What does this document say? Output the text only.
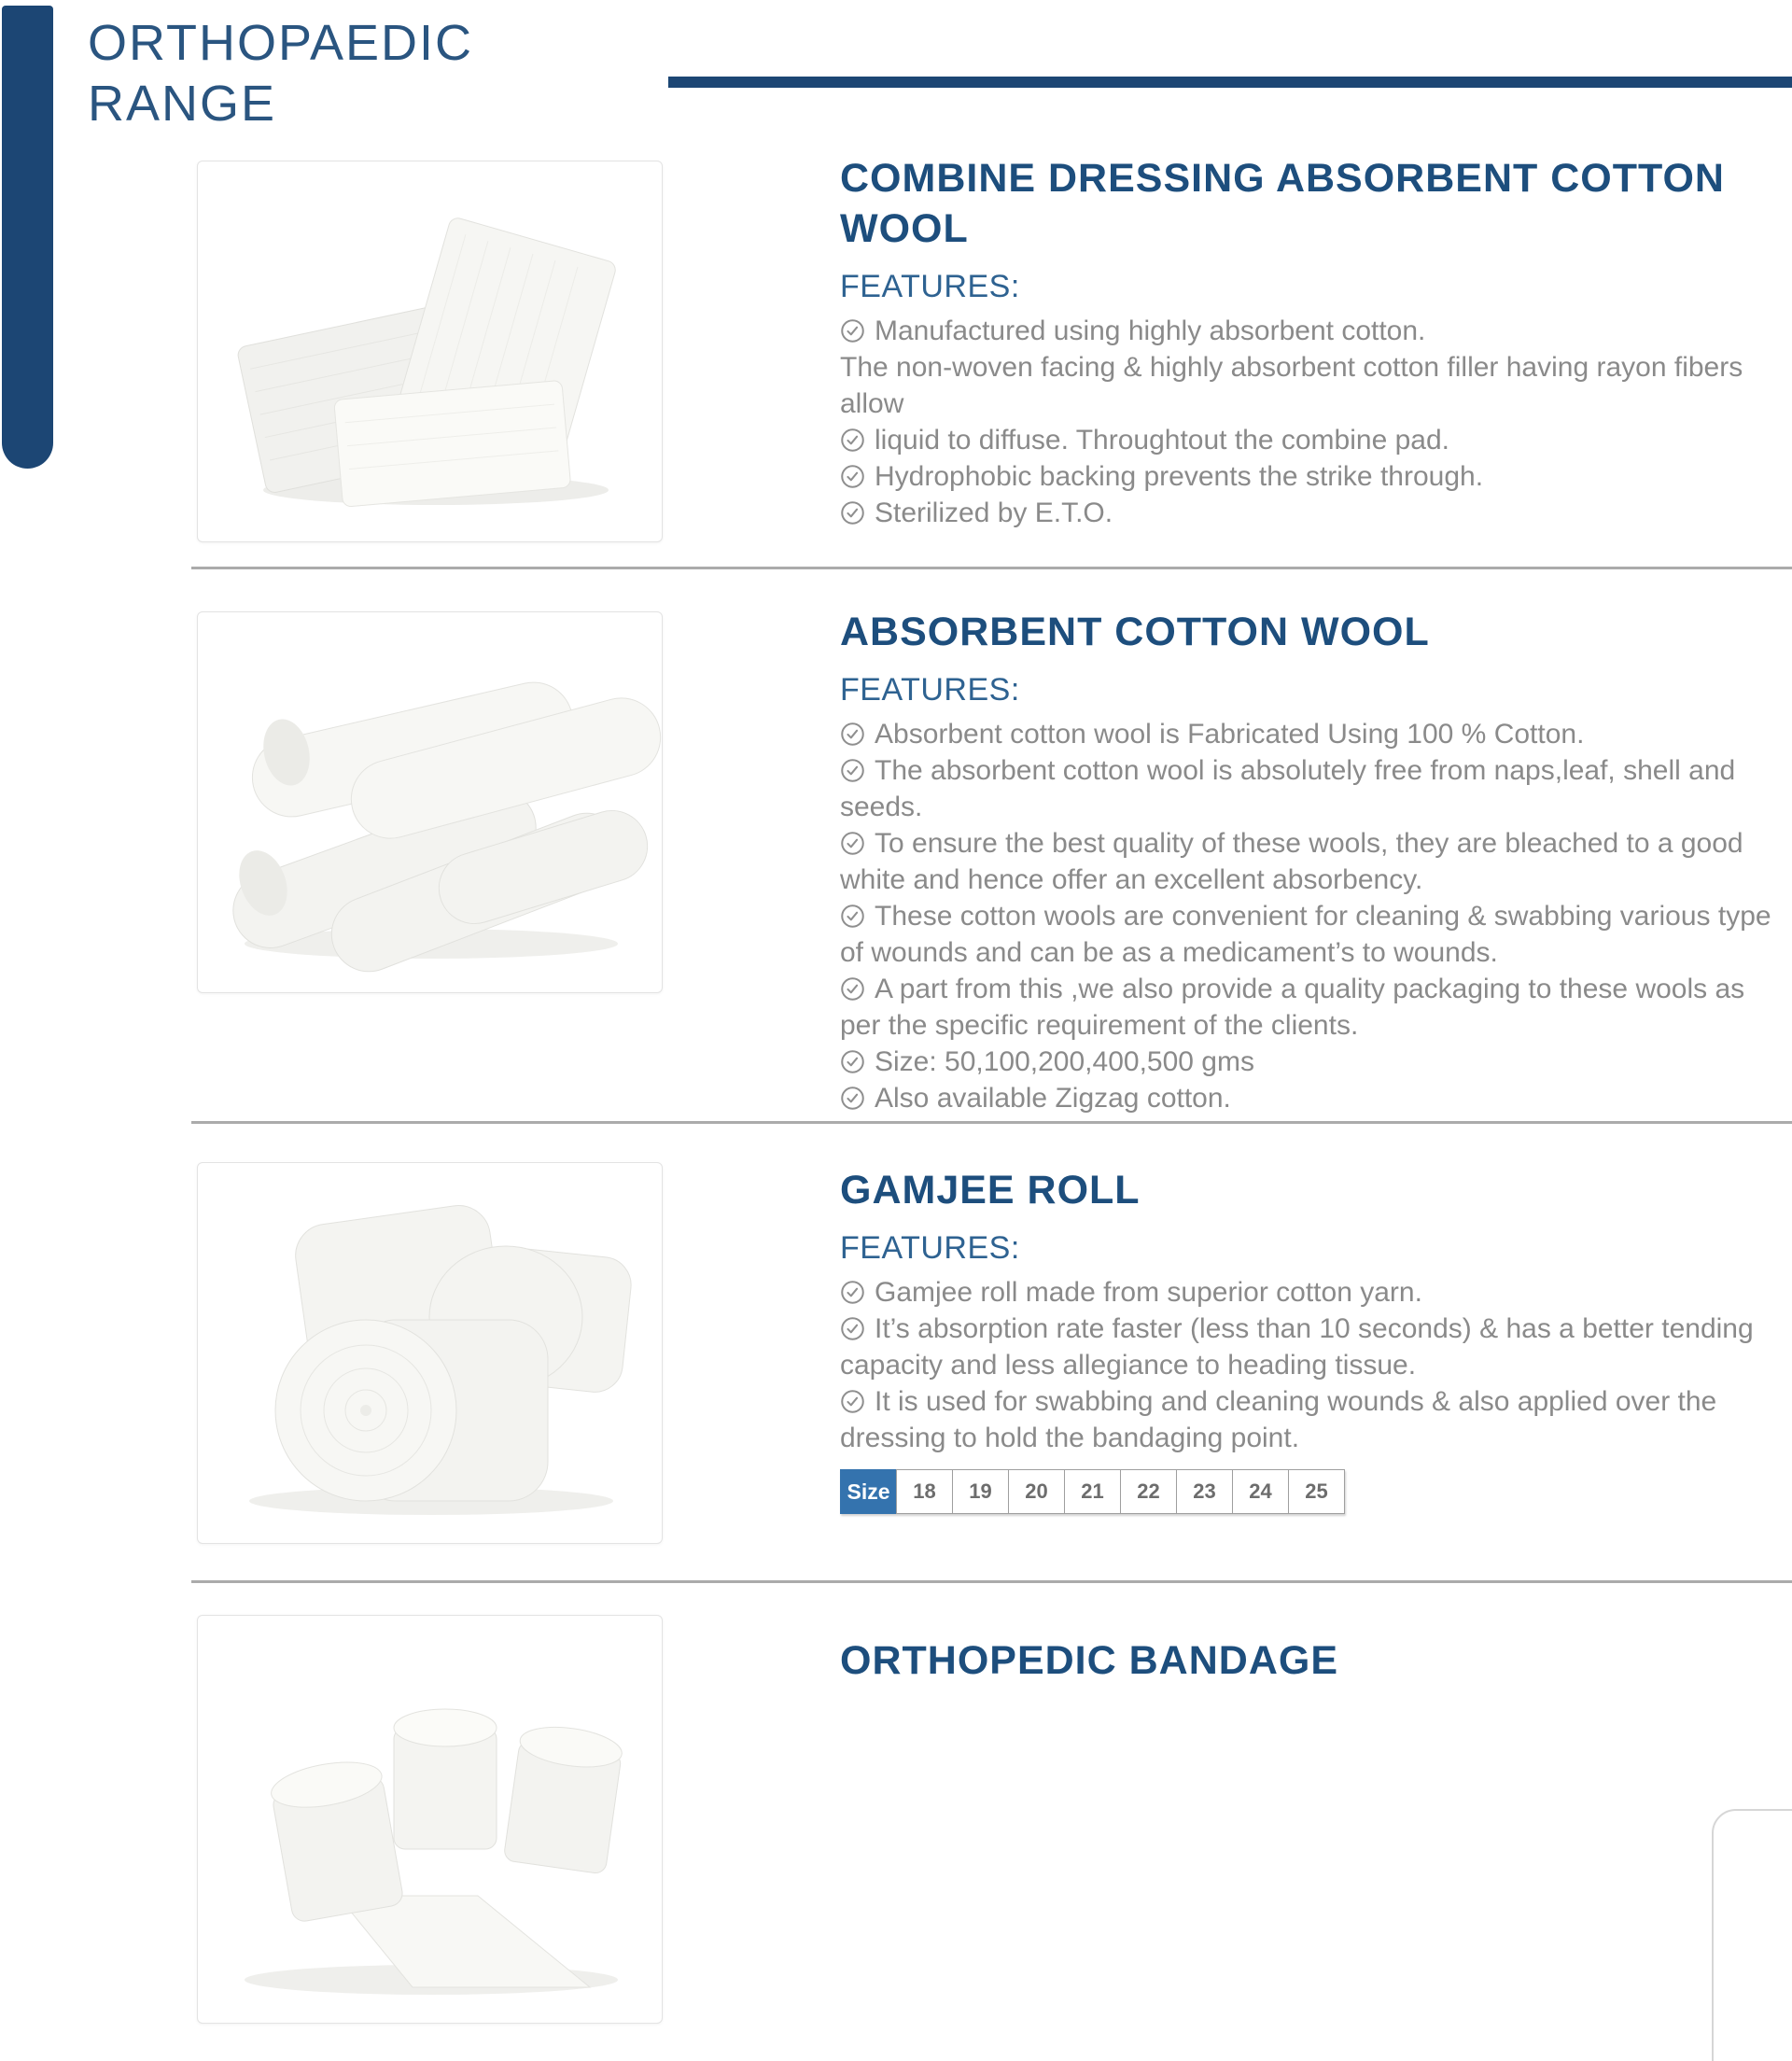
ORTHOPAEDIC
RANGE
COMBINE DRESSING ABSORBENT COTTON WOOL
FEATURES:

Manufactured using highly absorbent cotton.

The non-woven facing & highly absorbent cotton filler having rayon fibers allow

liquid to diffuse. Throughtout the combine pad.

Hydrophobic backing prevents the strike through.

Sterilized by E.T.O.

ABSORBENT COTTON WOOL
FEATURES:

Absorbent cotton wool is Fabricated Using 100 % Cotton.

The absorbent cotton wool is absolutely free from naps,leaf, shell and seeds.

To ensure the best quality of these wools, they are bleached to a good white and hence offer an excellent absorbency.

These cotton wools are convenient for cleaning & swabbing various type of wounds and can be as a medicament’s to wounds.

A part from this ,we also provide a quality packaging to these wools as per the specific requirement of the clients.

Size: 50,100,200,400,500 gms

Also available Zigzag cotton.

GAMJEE ROLL
FEATURES:

Gamjee roll made from superior cotton yarn.

It’s absorption rate faster (less than 10 seconds) & has a better tending capacity and less allegiance to heading tissue.

It is used for swabbing and cleaning wounds & also applied over the dressing to hold the bandaging point.

Size	18	19	20	21	22	23	24	25
ORTHOPEDIC BANDAGE
